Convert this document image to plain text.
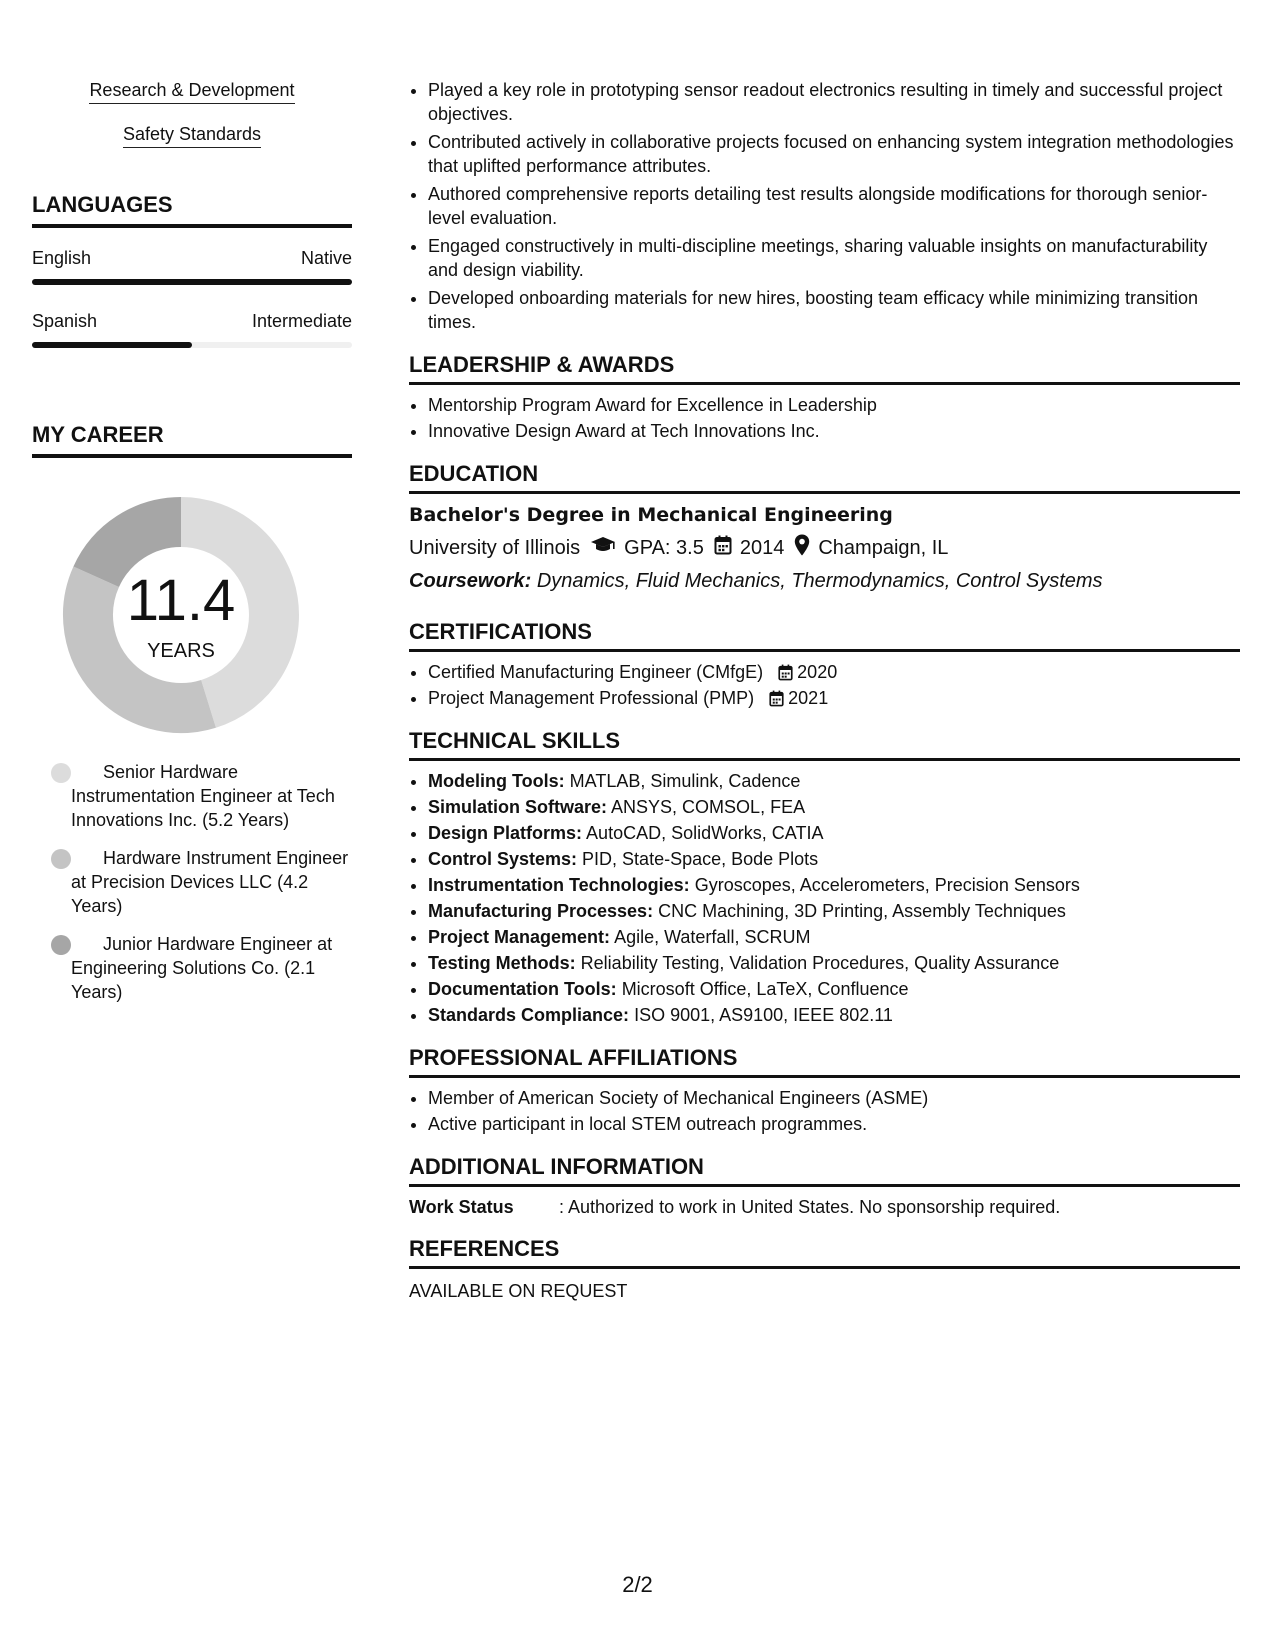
Research & Development
Safety Standards
LANGUAGES
English	Native
Spanish	Intermediate
MY CAREER
11.4
YEARS
Senior Hardware Instrumentation Engineer at Tech Innovations Inc. (5.2 Years)
Hardware Instrument Engineer at Precision Devices LLC (4.2 Years)
Junior Hardware Engineer at Engineering Solutions Co. (2.1 Years)
• Played a key role in prototyping sensor readout electronics resulting in timely and successful project objectives.
• Contributed actively in collaborative projects focused on enhancing system integration methodologies that uplifted performance attributes.
• Authored comprehensive reports detailing test results alongside modifications for thorough senior-level evaluation.
• Engaged constructively in multi-discipline meetings, sharing valuable insights on manufacturability and design viability.
• Developed onboarding materials for new hires, boosting team efficacy while minimizing transition times.
LEADERSHIP & AWARDS
• Mentorship Program Award for Excellence in Leadership
• Innovative Design Award at Tech Innovations Inc.
EDUCATION
Bachelor's Degree in Mechanical Engineering
University of Illinois GPA: 3.5 2014 Champaign, IL
Coursework: Dynamics, Fluid Mechanics, Thermodynamics, Control Systems
CERTIFICATIONS
• Certified Manufacturing Engineer (CMfgE) 2020
• Project Management Professional (PMP) 2021
TECHNICAL SKILLS
• Modeling Tools: MATLAB, Simulink, Cadence
• Simulation Software: ANSYS, COMSOL, FEA
• Design Platforms: AutoCAD, SolidWorks, CATIA
• Control Systems: PID, State-Space, Bode Plots
• Instrumentation Technologies: Gyroscopes, Accelerometers, Precision Sensors
• Manufacturing Processes: CNC Machining, 3D Printing, Assembly Techniques
• Project Management: Agile, Waterfall, SCRUM
• Testing Methods: Reliability Testing, Validation Procedures, Quality Assurance
• Documentation Tools: Microsoft Office, LaTeX, Confluence
• Standards Compliance: ISO 9001, AS9100, IEEE 802.11
PROFESSIONAL AFFILIATIONS
• Member of American Society of Mechanical Engineers (ASME)
• Active participant in local STEM outreach programmes.
ADDITIONAL INFORMATION
Work Status	: Authorized to work in United States. No sponsorship required.
REFERENCES
AVAILABLE ON REQUEST
2/2
